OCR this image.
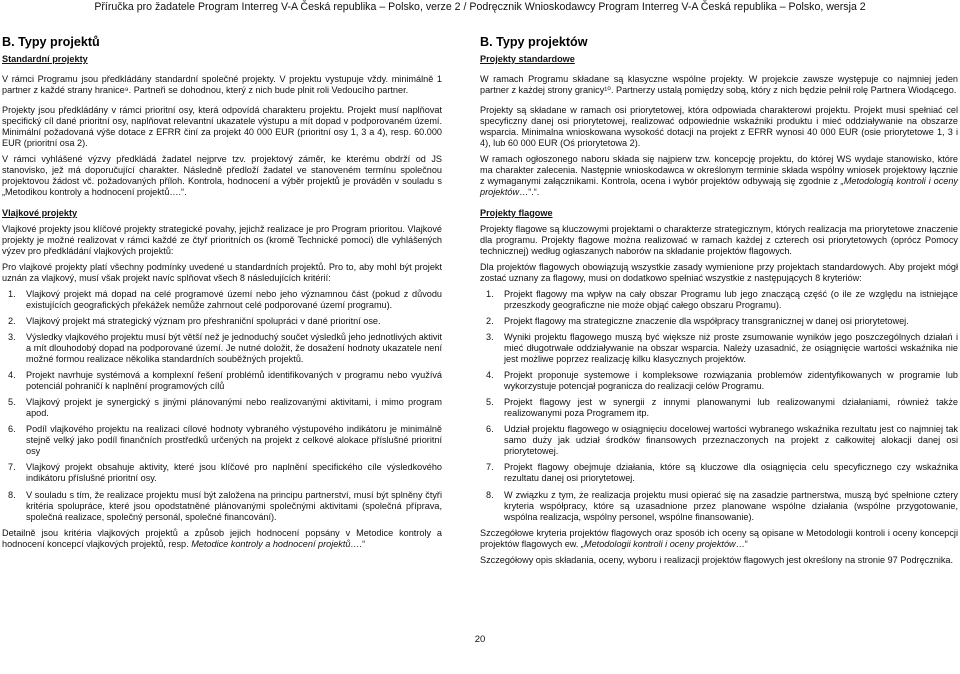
Příručka pro žadatele Program Interreg V-A Česká republika – Polsko, verze 2 / Podręcznik Wnioskodawcy Program Interreg V-A Česká republika – Polsko, wersja 2
B. Typy projektů

Standardní projekty

V rámci Programu jsou předkládány standardní společné projekty. V projektu vystupuje vždy. minimálně 1 partner z každé strany hranice⁹. Partneři se dohodnou, který z nich bude plnit roli Vedoucího partner.

Projekty jsou předkládány v rámci prioritní osy, která odpovídá charakteru projektu. Projekt musí naplňovat specifický cíl dané prioritní osy, naplňovat relevantní ukazatele výstupu a mít dopad v podporovaném území. Minimální požadovaná výše dotace z EFRR činí za projekt 40 000 EUR (prioritní osy 1, 3 a 4), resp. 60.000 EUR (prioritní osa 2).

V rámci vyhlášené výzvy předkládá žadatel nejprve tzv. projektový záměr, ke kterému obdrží od JS stanovisko, jež má doporučující charakter. Následně předloží žadatel ve stanoveném termínu společnou projektovou žádost vč. požadovaných příloh. Kontrola, hodnocení a výběr projektů je prováděn v souladu s „Metodikou kontroly a hodnocení projektů….“.

Vlajkové projekty

Vlajkové projekty jsou klíčové projekty strategické povahy, jejichž realizace je pro Program prioritou. Vlajkové projekty je možné realizovat v rámci každé ze čtyř prioritních os (kromě Technické pomoci) dle vyhlášených výzev pro předkládání vlajkových projektů:

Pro vlajkové projekty platí všechny podmínky uvedené u standardních projektů. Pro to, aby mohl být projekt uznán za vlajkový, musí však projekt navíc splňovat všech 8 následujících kritérií:

1. Vlajkový projekt má dopad na celé programové území nebo jeho významnou část (pokud z důvodu existujících geografických překážek nemůže zahrnout celé podporované území programu).
2. Vlajkový projekt má strategický význam pro přeshraniční spolupráci v dané prioritní ose.
3. Výsledky vlajkového projektu musí být větší než je jednoduchý součet výsledků jeho jednotlivých aktivit a mít dlouhodobý dopad na podporované území. Je nutné doložit, že dosažení hodnoty ukazatele není možné formou realizace několika standardních souběžných projektů.
4. Projekt navrhuje systémová a komplexní řešení problémů identifikovaných v programu nebo využívá potenciál pohraničí k naplnění programových cílů
5. Vlajkový projekt je synergický s jinými plánovanými nebo realizovanými aktivitami, i mimo program apod.
6. Podíl vlajkového projektu na realizaci cílové hodnoty vybraného výstupového indikátoru je minimálně stejně velký jako podíl finančních prostředků určených na projekt z celkové alokace příslušné prioritní osy
7. Vlajkový projekt obsahuje aktivity, které jsou klíčové pro naplnění specifického cíle výsledkového indikátoru příslušné prioritní osy.
8. V souladu s tím, že realizace projektu musí být založena na principu partnerství, musí být splněny čtyři kritéria spolupráce, které jsou opodstatněné plánovanými společnými aktivitami (společná příprava, společná realizace, společný personál, společné financování).

Detailně jsou kritéria vlajkových projektů a způsob jejich hodnocení popsány v Metodice kontroly a hodnocení koncepcí vlajkových projektů, resp. Metodice kontroly a hodnocení projektů….“

B. Typy projektów

Projekty standardowe

W ramach Programu składane są klasyczne wspólne projekty. W projekcie zawsze występuje co najmniej jeden partner z każdej strony granicy¹⁰. Partnerzy ustalą pomiędzy sobą, który z nich będzie pełnił rolę Partnera Wiodącego.

Projekty są składane w ramach osi priorytetowej, która odpowiada charakterowi projektu. Projekt musi spełniać cel specyficzny danej osi priorytetowej, realizować odpowiednie wskaźniki produktu i mieć oddziaływanie na obszarze wsparcia. Minimalna wnioskowana wysokość dotacji na projekt z EFRR wynosi 40 000 EUR (osie priorytetowe 1, 3 i 4), lub 60 000 EUR (Oś priorytetowa 2).

W ramach ogłoszonego naboru składa się najpierw tzw. koncepcję projektu, do której WS wydaje stanowisko, które ma charakter zalecenia. Następnie wnioskodawca w określonym terminie składa wspólny wniosek projektowy łącznie z wymaganymi załącznikami. Kontrola, ocena i wybór projektów odbywają się zgodnie z „Metodologią kontroli i oceny projektów…“.“.

Projekty flagowe

Projekty flagowe są kluczowymi projektami o charakterze strategicznym, których realizacja ma priorytetowe znaczenie dla programu. Projekty flagowe można realizować w ramach każdej z czterech osi priorytetowych (oprócz Pomocy technicznej) według ogłaszanych naborów na składanie projektów flagowych.

Dla projektów flagowych obowiązują wszystkie zasady wymienione przy projektach standardowych. Aby projekt mógł zostać uznany za flagowy, musi on dodatkowo spełniać wszystkie z następujących 8 kryteriów:

1. Projekt flagowy ma wpływ na cały obszar Programu lub jego znaczącą część (o ile ze względu na istniejące przeszkody geograficzne nie może objąć całego obszaru Programu).
2. Projekt flagowy ma strategiczne znaczenie dla współpracy transgranicznej w danej osi priorytetowej.
3. Wyniki projektu flagowego muszą być większe niż proste zsumowanie wyników jego poszczególnych działań i mieć długotrwałe oddziaływanie na obszar wsparcia. Należy uzasadnić, że osiągnięcie wartości wskaźnika nie jest możliwe poprzez realizację kilku klasycznych projektów.
4. Projekt proponuje systemowe i kompleksowe rozwiązania problemów zidentyfikowanych w programie lub wykorzystuje potencjał pogranicza do realizacji celów Programu.
5. Projekt flagowy jest w synergii z innymi planowanymi lub realizowanymi działaniami, również także realizowanymi poza Programem itp.
6. Udział projektu flagowego w osiągnięciu docelowej wartości wybranego wskaźnika rezultatu jest co najmniej tak samo duży jak udział środków finansowych przeznaczonych na projekt z całkowitej alokacji danej osi priorytetowej.
7. Projekt flagowy obejmuje działania, które są kluczowe dla osiągnięcia celu specyficznego czy wskaźnika rezultatu danej osi priorytetowej.
8. W związku z tym, że realizacja projektu musi opierać się na zasadzie partnerstwa, muszą być spełnione cztery kryteria współpracy, które są uzasadnione przez planowane wspólne działania (wspólne przygotowanie, wspólna realizacja, wspólny personel, wspólne finansowanie).

Szczegółowe kryteria projektów flagowych oraz sposób ich oceny są opisane w Metodologii kontroli i oceny koncepcji projektów flagowych ew. „Metodologii kontroli i oceny projektów…“

Szczegółowy opis składania, oceny, wyboru i realizacji projektów flagowych jest określony na stronie 97 Podręcznika.

20
